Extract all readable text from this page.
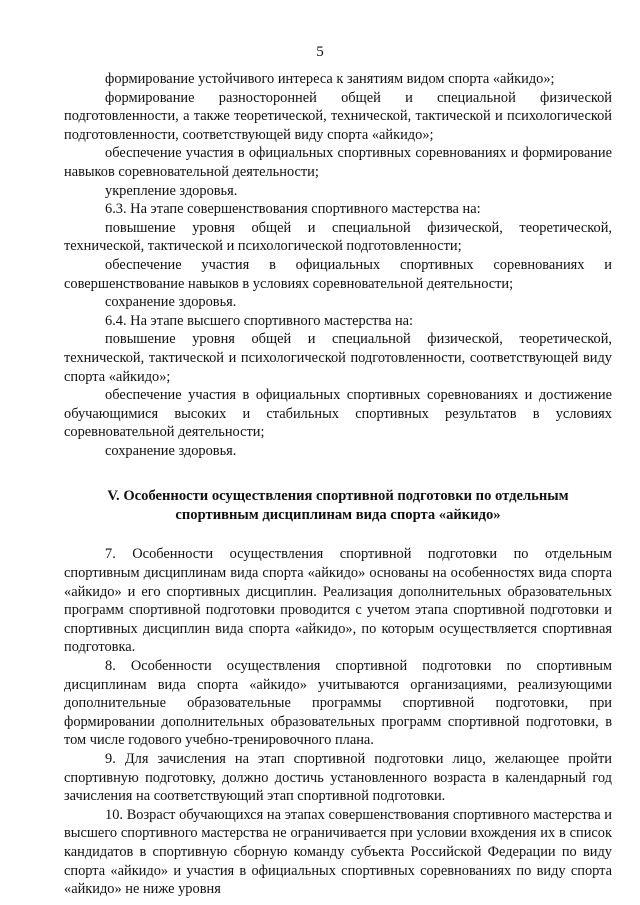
5

формирование устойчивого интереса к занятиям видом спорта «айкидо»;

формирование разносторонней общей и специальной физической подготовленности, а также теоретической, технической, тактической и психологической подготовленности, соответствующей виду спорта «айкидо»;

обеспечение участия в официальных спортивных соревнованиях и формирование навыков соревновательной деятельности;

укрепление здоровья.

6.3. На этапе совершенствования спортивного мастерства на:

повышение уровня общей и специальной физической, теоретической, технической, тактической и психологической подготовленности;

обеспечение участия в официальных спортивных соревнованиях и совершенствование навыков в условиях соревновательной деятельности;

сохранение здоровья.

6.4. На этапе высшего спортивного мастерства на:

повышение уровня общей и специальной физической, теоретической, технической, тактической и психологической подготовленности, соответствующей виду спорта «айкидо»;

обеспечение участия в официальных спортивных соревнованиях и достижение обучающимися высоких и стабильных спортивных результатов в условиях соревновательной деятельности;

сохранение здоровья.

V. Особенности осуществления спортивной подготовки по отдельным спортивным дисциплинам вида спорта «айкидо»

7. Особенности осуществления спортивной подготовки по отдельным спортивным дисциплинам вида спорта «айкидо» основаны на особенностях вида спорта «айкидо» и его спортивных дисциплин. Реализация дополнительных образовательных программ спортивной подготовки проводится с учетом этапа спортивной подготовки и спортивных дисциплин вида спорта «айкидо», по которым осуществляется спортивная подготовка.

8. Особенности осуществления спортивной подготовки по спортивным дисциплинам вида спорта «айкидо» учитываются организациями, реализующими дополнительные образовательные программы спортивной подготовки, при формировании дополнительных образовательных программ спортивной подготовки, в том числе годового учебно-тренировочного плана.

9. Для зачисления на этап спортивной подготовки лицо, желающее пройти спортивную подготовку, должно достичь установленного возраста в календарный год зачисления на соответствующий этап спортивной подготовки.

10. Возраст обучающихся на этапах совершенствования спортивного мастерства и высшего спортивного мастерства не ограничивается при условии вхождения их в список кандидатов в спортивную сборную команду субъекта Российской Федерации по виду спорта «айкидо» и участия в официальных спортивных соревнованиях по виду спорта «айкидо» не ниже уровня
